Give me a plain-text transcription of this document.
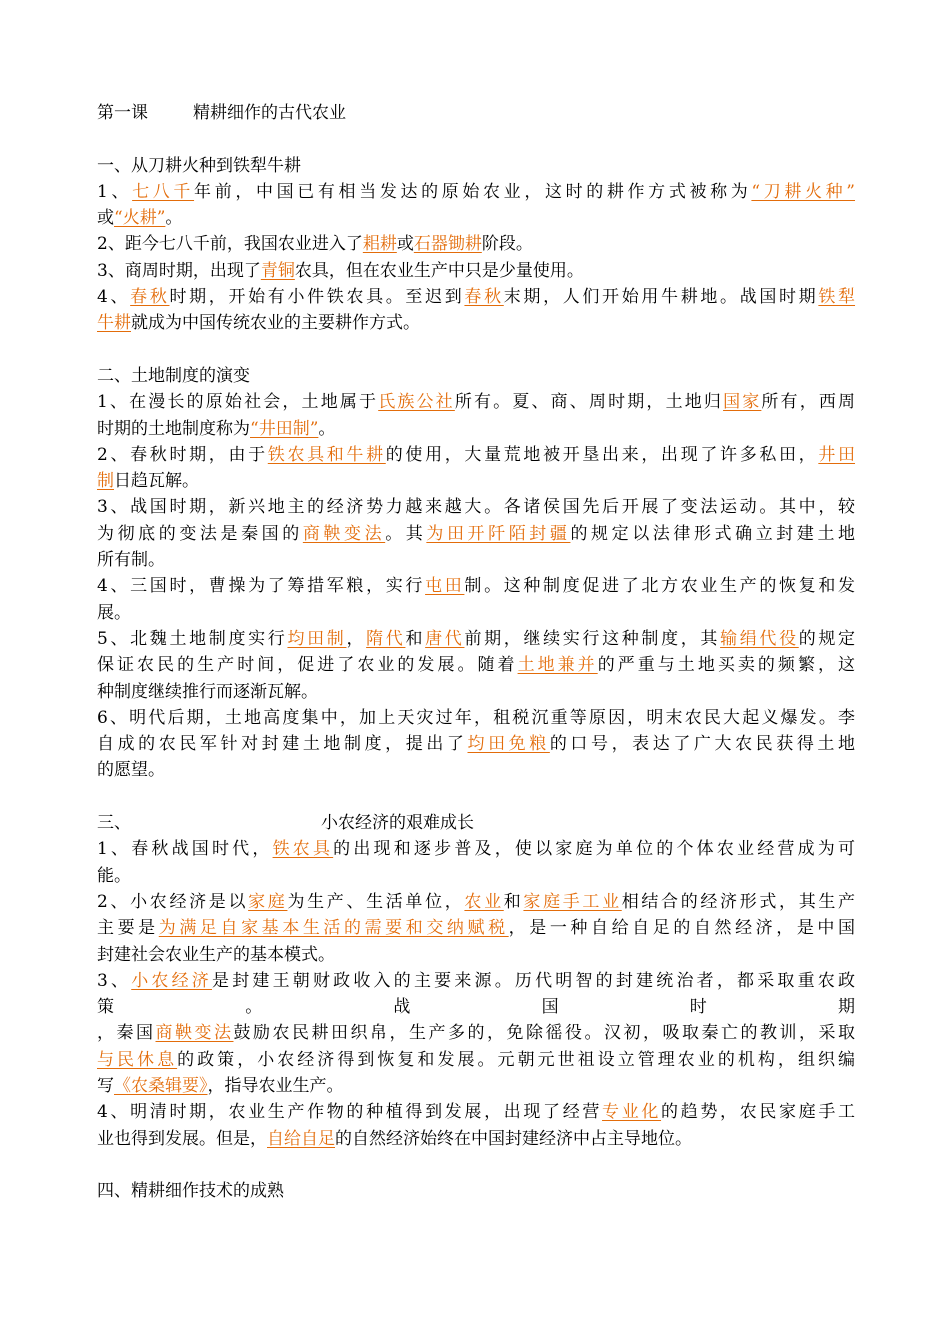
第一课	精耕细作的古代农业
一、从刀耕火种到铁犁牛耕
1、七八千年前，中国已有相当发达的原始农业，这时的耕作方式被称为“刀耕火种”
或“火耕”。
2、距今七八千前，我国农业进入了耜耕或石器锄耕阶段。
3、商周时期，出现了青铜农具，但在农业生产中只是少量使用。
4、春秋时期，开始有小件铁农具。至迟到春秋末期，人们开始用牛耕地。战国时期铁犁
牛耕就成为中国传统农业的主要耕作方式。
二、土地制度的演变
1、在漫长的原始社会，土地属于氏族公社所有。夏、商、周时期，土地归国家所有，西周
时期的土地制度称为“井田制”。
2、春秋时期，由于铁农具和牛耕的使用，大量荒地被开垦出来，出现了许多私田，井田
制日趋瓦解。
3、战国时期，新兴地主的经济势力越来越大。各诸侯国先后开展了变法运动。其中，较
为彻底的变法是秦国的商鞅变法。其为田开阡陌封疆的规定以法律形式确立封建土地
所有制。
4、三国时，曹操为了筹措军粮，实行屯田制。这种制度促进了北方农业生产的恢复和发
展。
5、北魏土地制度实行均田制，隋代和唐代前期，继续实行这种制度，其输绢代役的规定
保证农民的生产时间，促进了农业的发展。随着土地兼并的严重与土地买卖的频繁，这
种制度继续推行而逐渐瓦解。
6、明代后期，土地高度集中，加上天灾过年，租税沉重等原因，明末农民大起义爆发。李
自成的农民军针对封建土地制度，提出了均田免粮的口号，表达了广大农民获得土地
的愿望。
三、	小农经济的艰难成长
1、春秋战国时代，铁农具的出现和逐步普及，使以家庭为单位的个体农业经营成为可
能。
2、小农经济是以家庭为生产、生活单位，农业和家庭手工业相结合的经济形式，其生产
主要是为满足自家基本生活的需要和交纳赋税，是一种自给自足的自然经济，是中国
封建社会农业生产的基本模式。
3、小农经济是封建王朝财政收入的主要来源。历代明智的封建统治者，都采取重农政
策。战国时期
，秦国商鞅变法鼓励农民耕田织帛，生产多的，免除徭役。汉初，吸取秦亡的教训，采取
与民休息的政策，小农经济得到恢复和发展。元朝元世祖设立管理农业的机构，组织编
写《农桑辑要》，指导农业生产。
4、明清时期，农业生产作物的种植得到发展，出现了经营专业化的趋势，农民家庭手工
业也得到发展。但是，自给自足的自然经济始终在中国封建经济中占主导地位。
四、精耕细作技术的成熟
